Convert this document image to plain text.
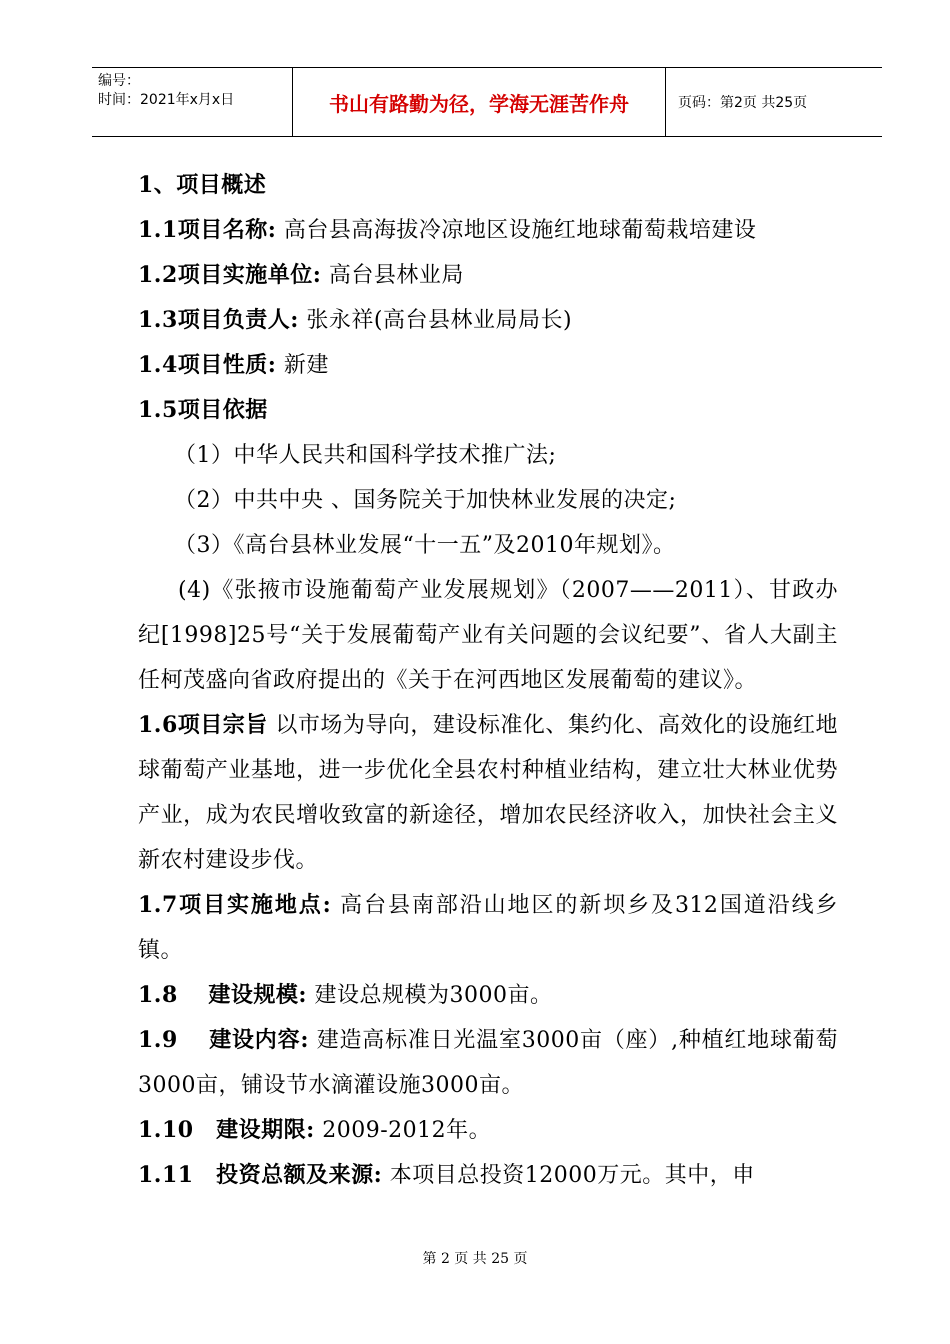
编号：
时间：2021年x月x日	书山有路勤为径，学海无涯苦作舟	页码：第2页 共25页

1、项目概述

1.1项目名称: 高台县高海拔冷凉地区设施红地球葡萄栽培建设

1.2项目实施单位: 高台县林业局

1.3项目负责人: 张永祥(高台县林业局局长)

1.4项目性质: 新建

1.5项目依据

（1）中华人民共和国科学技术推广法;

（2）中共中央 、国务院关于加快林业发展的决定;

（3）《高台县林业发展“十一五”及2010年规划》。

(4)《张掖市设施葡萄产业发展规划》（2007——2011）、甘政办纪[1998]25号“关于发展葡萄产业有关问题的会议纪要”、省人大副主任柯茂盛向省政府提出的《关于在河西地区发展葡萄的建议》。

1.6项目宗旨 以市场为导向，建设标准化、集约化、高效化的设施红地球葡萄产业基地，进一步优化全县农村种植业结构，建立壮大林业优势产业，成为农民增收致富的新途径，增加农民经济收入，加快社会主义新农村建设步伐。

1.7项目实施地点: 高台县南部沿山地区的新坝乡及312国道沿线乡镇。

1.8　 建设规模: 建设总规模为3000亩。

1.9　 建设内容: 建造高标准日光温室3000亩（座）,种植红地球葡萄3000亩，铺设节水滴灌设施3000亩。

1.10　建设期限: 2009-2012年。

1.11　投资总额及来源: 本项目总投资12000万元。其中，申

第 2 页 共 25 页
